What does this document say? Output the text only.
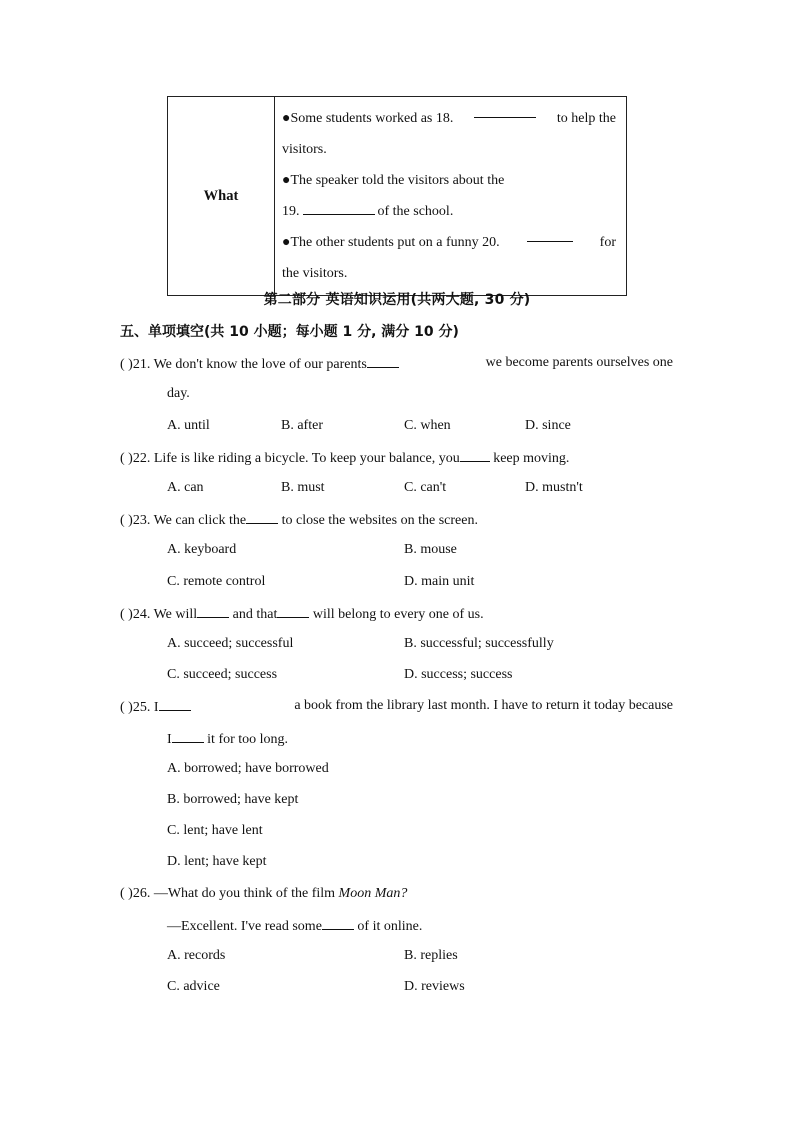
What	
●Some students worked as 18.	to help the
visitors.
●The speaker told the visitors about the
19.	of the school.
●The other students put on a funny 20.	for
the visitors.
第二部分 英语知识运用(共两大题, 30 分)
五、单项填空(共 10 小题；每小题 1 分, 满分 10 分)
( )21. We don't know the love of our parents	we become parents ourselves one
day.
A. until	B. after	C. when	D. since
( )22. Life is like riding a bicycle. To keep your balance, you keep moving.
A. can	B. must	C. can't	D. mustn't
( )23. We can click the	to close the websites on the screen.
A. keyboard	B. mouse
C. remote control	D. main unit
( )24. We will	and that	will belong to every one of us.
A. succeed; successful	B. successful; successfully
C. succeed; success	D. success; success
( )25. I	a book from the library last month. I have to return it today because
I	it for too long.
A. borrowed; have borrowed
B. borrowed; have kept
C. lent; have lent
D. lent; have kept
( )26. —What do you think of the film Moon Man?
—Excellent. I've read some	of it online.
A. records	B. replies
C. advice	D. reviews
